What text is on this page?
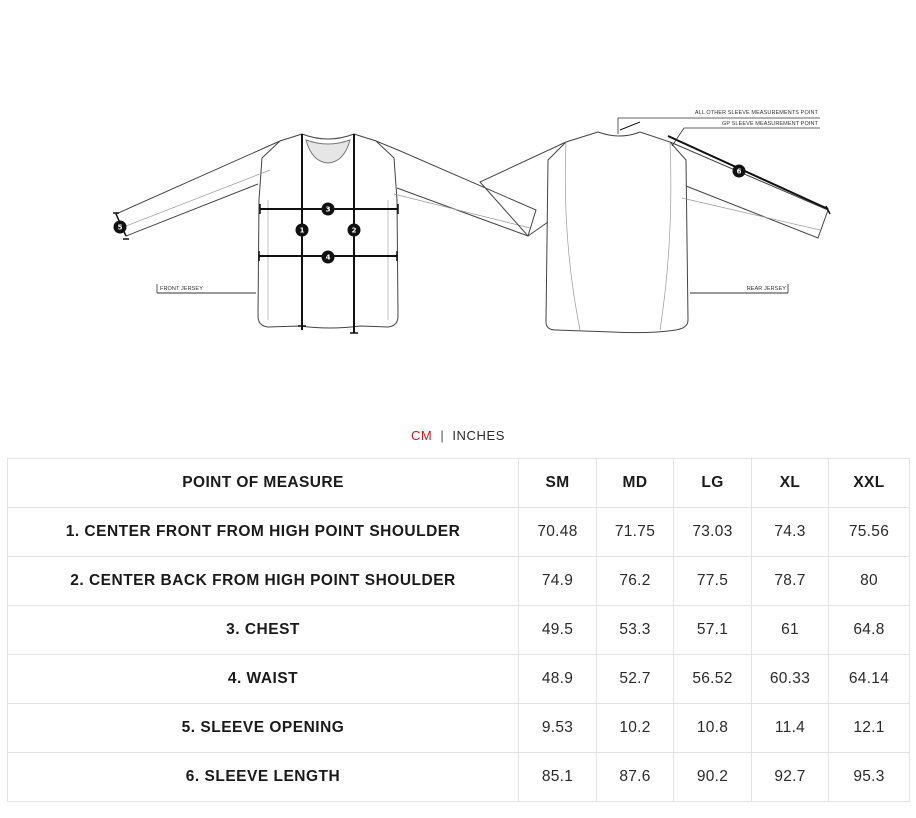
FRONT JERSEY
ALL OTHER SLEEVE MEASUREMENTS POINT
GP SLEEVE MEASUREMENT POINT
REAR JERSEY
1	2
3
4
5
6
CM | INCHES
POINT OF MEASURE	SM	MD	LG	XL	XXL
1. CENTER FRONT FROM HIGH POINT SHOULDER	70.48	71.75	73.03	74.3	75.56
2. CENTER BACK FROM HIGH POINT SHOULDER	74.9	76.2	77.5	78.7	80
3. CHEST	49.5	53.3	57.1	61	64.8
4. WAIST	48.9	52.7	56.52	60.33	64.14
5. SLEEVE OPENING	9.53	10.2	10.8	11.4	12.1
6. SLEEVE LENGTH	85.1	87.6	90.2	92.7	95.3
